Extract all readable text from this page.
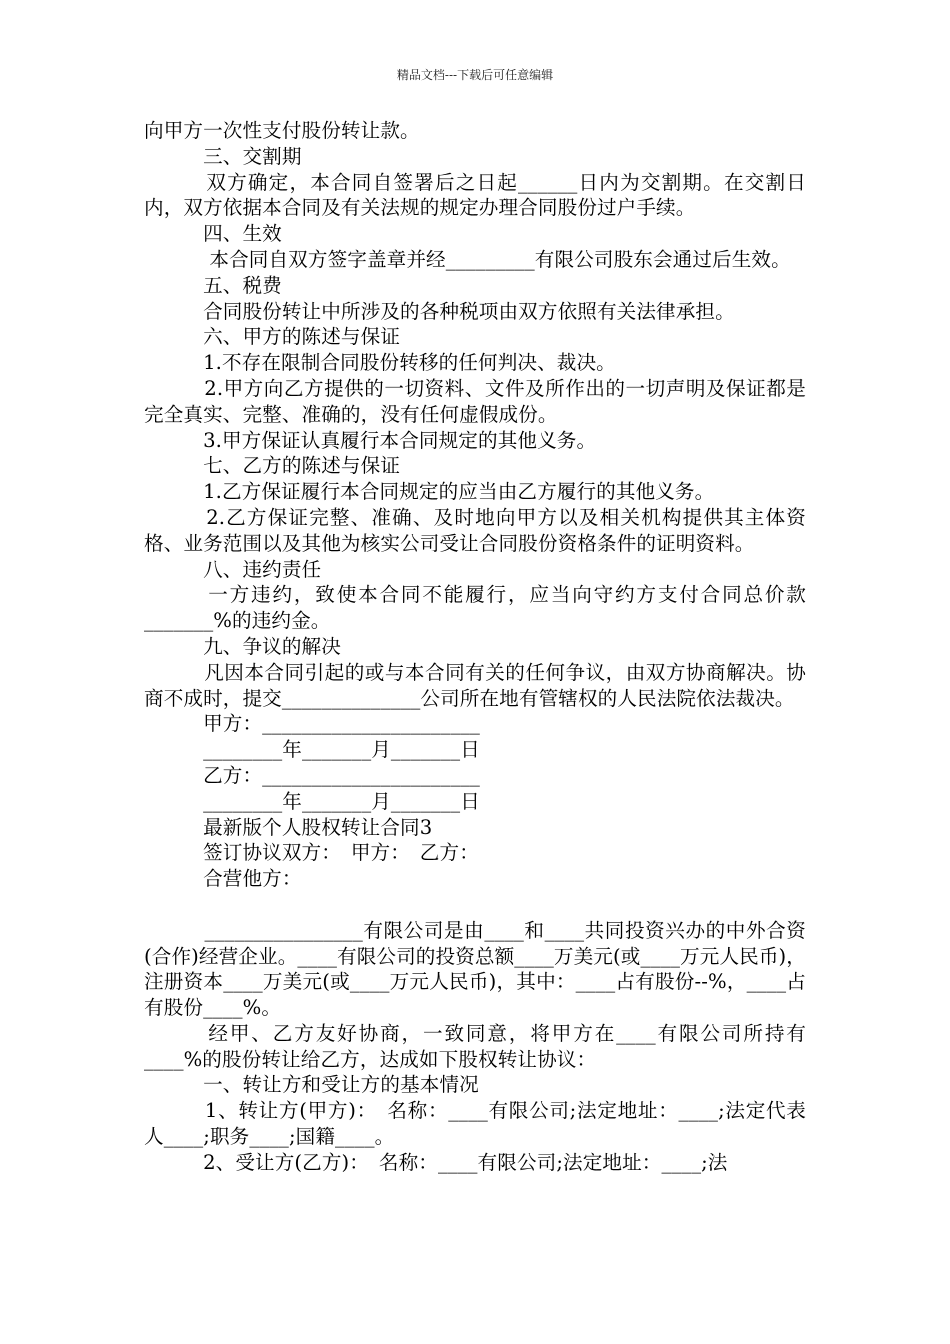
精品文档---下载后可任意编辑

向甲方一次性支付股份转让款。

　　　三、交割期

　　　双方确定，本合同自签署后之日起______日内为交割期。在交割日内，双方依据本合同及有关法规的规定办理合同股份过户手续。

　　　四、生效

　　　 本合同自双方签字盖章并经_________有限公司股东会通过后生效。

　　　五、税费

　　　合同股份转让中所涉及的各种税项由双方依照有关法律承担。

　　　六、甲方的陈述与保证

　　　1.不存在限制合同股份转移的任何判决、裁决。

　　　2.甲方向乙方提供的一切资料、文件及所作出的一切声明及保证都是完全真实、完整、准确的，没有任何虚假成份。

　　　3.甲方保证认真履行本合同规定的其他义务。

　　　七、乙方的陈述与保证

　　　1.乙方保证履行本合同规定的应当由乙方履行的其他义务。

　　　2.乙方保证完整、准确、及时地向甲方以及相关机构提供其主体资格、业务范围以及其他为核实公司受让合同股份资格条件的证明资料。

　　　八、违约责任

　　　一方违约，致使本合同不能履行，应当向守约方支付合同总价款_______%的违约金。

　　　九、争议的解决

　　　凡因本合同引起的或与本合同有关的任何争议，由双方协商解决。协商不成时，提交______________公司所在地有管辖权的人民法院依法裁决。

　　　甲方：______________________

　　　________年_______月_______日

　　　乙方：______________________

　　　________年_______月_______日

　　　最新版个人股权转让合同3

　　　签订协议双方：　甲方：　乙方：

　　　合营他方：

　　　________________有限公司是由____和____共同投资兴办的中外合资(合作)经营企业。____有限公司的投资总额____万美元(或____万元人民币)，注册资本____万美元(或____万元人民币)，其中：____占有股份--%，____占有股份____%。

　　　经甲、乙方友好协商，一致同意，将甲方在____有限公司所持有____%的股份转让给乙方，达成如下股权转让协议：

　　　一、转让方和受让方的基本情况

　　　1、转让方(甲方)：　名称：____有限公司;法定地址：____;法定代表人____;职务____;国籍____。

　　　2、受让方(乙方)：　名称：____有限公司;法定地址：____;法
